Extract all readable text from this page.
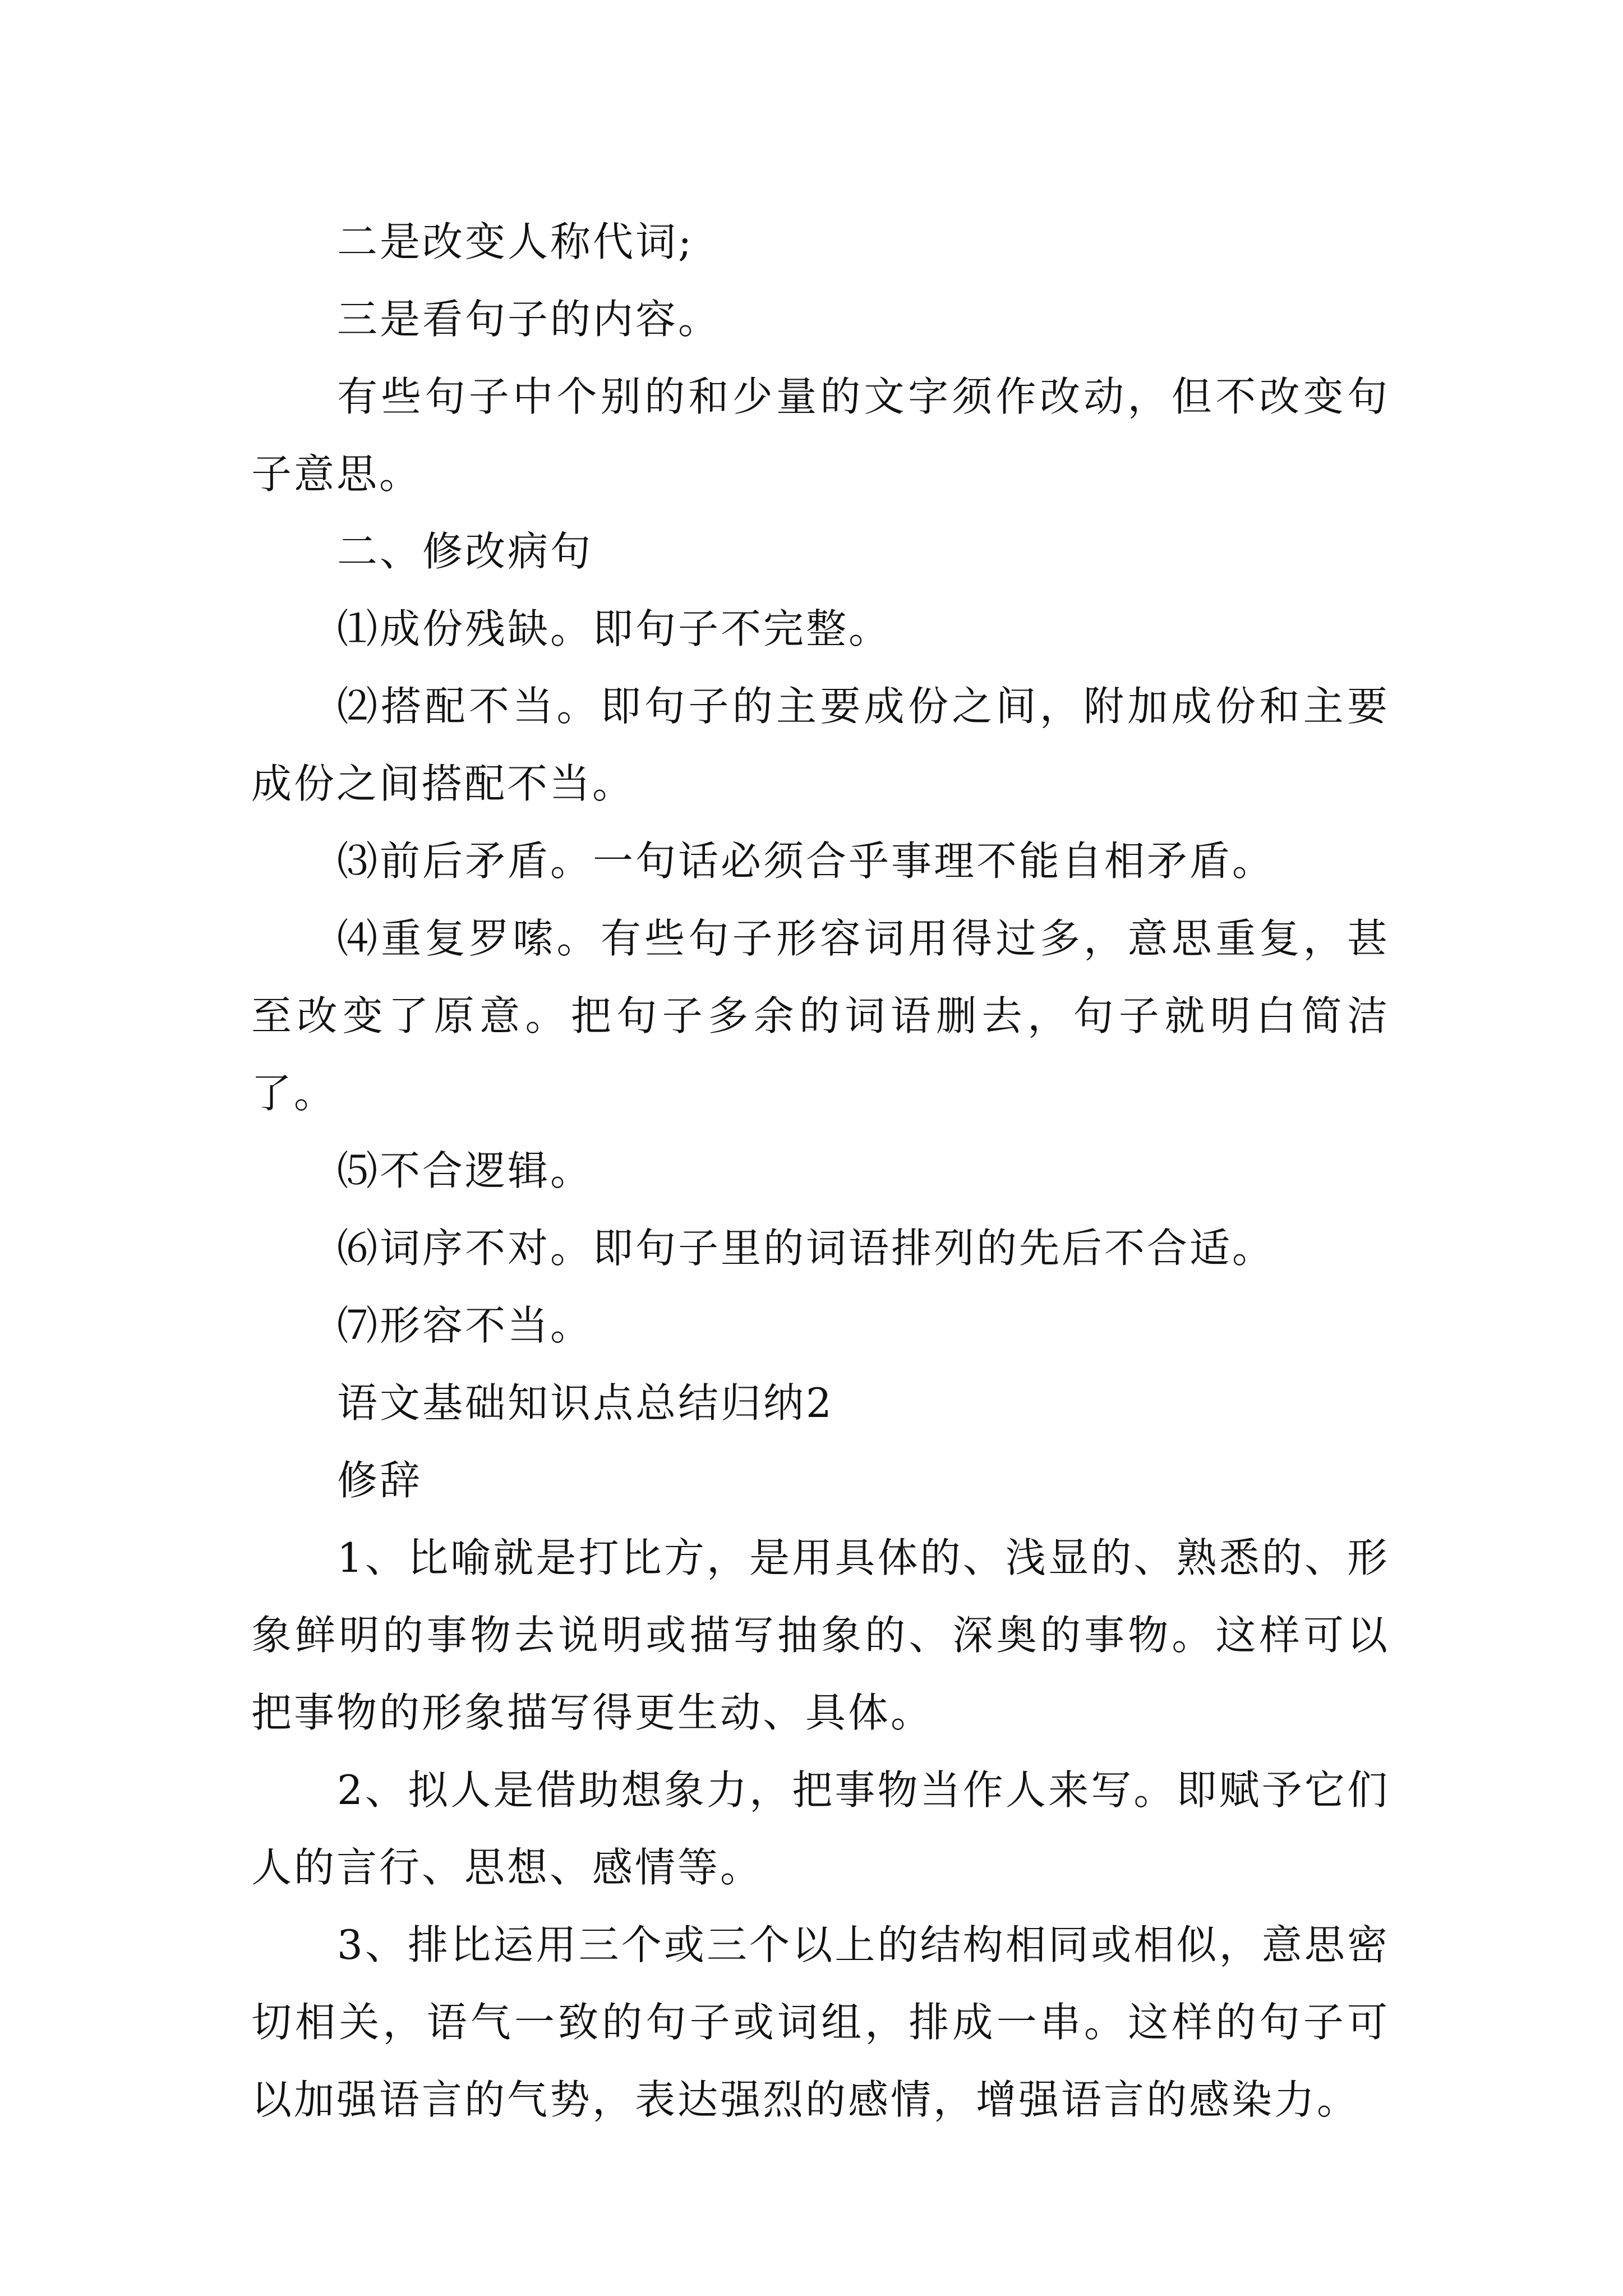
二是改变人称代词;

三是看句子的内容。

有些句子中个别的和少量的文字须作改动，但不改变句子意思。

二、修改病句

⑴成份残缺。即句子不完整。

⑵搭配不当。即句子的主要成份之间，附加成份和主要成份之间搭配不当。

⑶前后矛盾。一句话必须合乎事理不能自相矛盾。

⑷重复罗嗦。有些句子形容词用得过多，意思重复，甚至改变了原意。把句子多余的词语删去，句子就明白简洁了。

⑸不合逻辑。

⑹词序不对。即句子里的词语排列的先后不合适。

⑺形容不当。

语文基础知识点总结归纳2

修辞

1、比喻就是打比方，是用具体的、浅显的、熟悉的、形象鲜明的事物去说明或描写抽象的、深奥的事物。这样可以把事物的形象描写得更生动、具体。

2、拟人是借助想象力，把事物当作人来写。即赋予它们人的言行、思想、感情等。

3、排比运用三个或三个以上的结构相同或相似，意思密切相关，语气一致的句子或词组，排成一串。这样的句子可以加强语言的气势，表达强烈的感情，增强语言的感染力。
